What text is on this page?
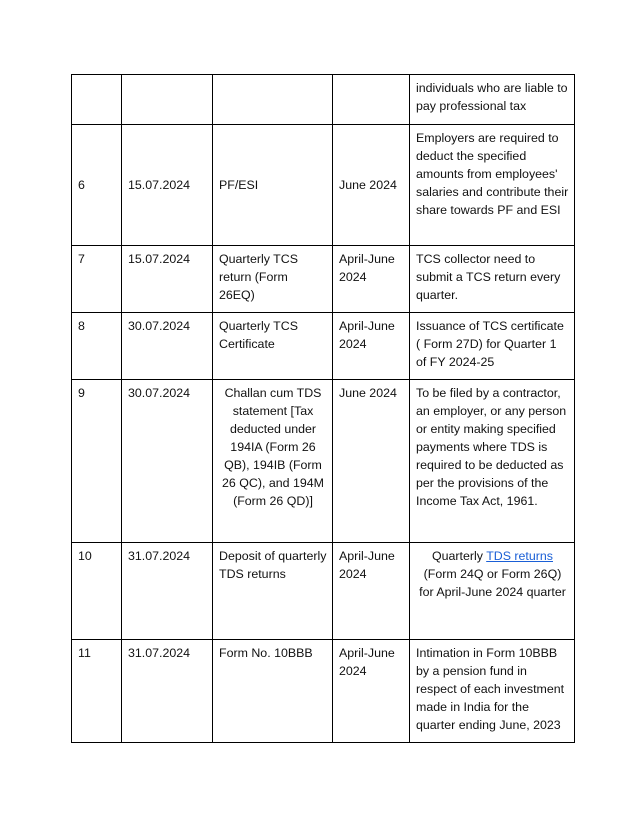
				individuals who are liable to pay professional tax
6	15.07.2024	PF/ESI	June 2024	Employers are required to deduct the specified amounts from employees' salaries and contribute their share towards PF and ESI
7	15.07.2024	Quarterly TCS return (Form 26EQ)	April-June 2024	TCS collector need to submit a TCS return every quarter.
8	30.07.2024	Quarterly TCS Certificate	April-June 2024	Issuance of TCS certificate ( Form 27D) for Quarter 1 of FY 2024-25
9	30.07.2024	Challan cum TDS statement [Tax deducted under 194IA (Form 26 QB), 194IB (Form 26 QC), and 194M (Form 26 QD)]	June 2024	To be filed by a contractor, an employer, or any person or entity making specified payments where TDS is required to be deducted as per the provisions of the Income Tax Act, 1961.
10	31.07.2024	Deposit of quarterly TDS returns	April-June 2024	Quarterly TDS returns (Form 24Q or Form 26Q) for April-June 2024 quarter
11	31.07.2024	Form No. 10BBB	April-June 2024	Intimation in Form 10BBB by a pension fund in respect of each investment made in India for the quarter ending June, 2023
